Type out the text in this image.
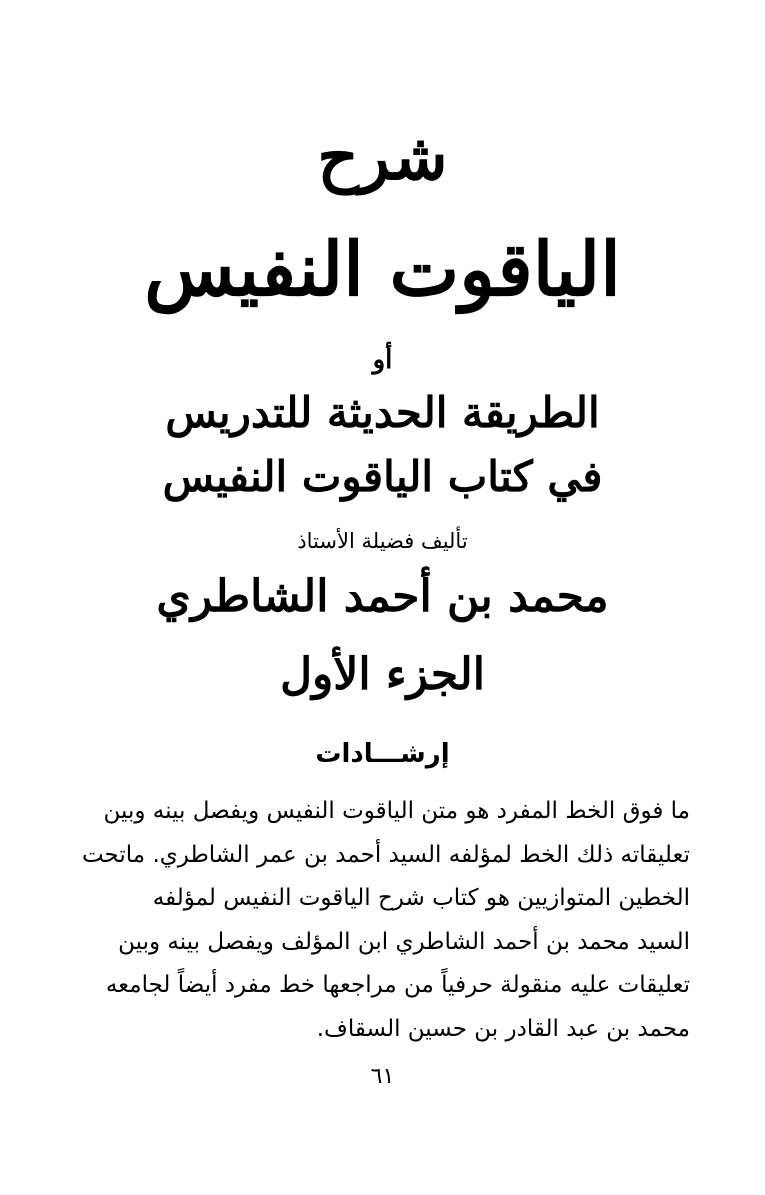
شرح
الياقوت النفيس
أو
الطريقة الحديثة للتدريس
في كتاب الياقوت النفيس
تأليف فضيلة الأستاذ
محمد بن أحمد الشاطري
الجزء الأول
إرشـــادات
ما فوق الخط المفرد هو متن الياقوت النفيس ويفصل بينه وبين
تعليقاته ذلك الخط لمؤلفه السيد أحمد بن عمر الشاطري. ماتحت
الخطين المتوازيين هو كتاب شرح الياقوت النفيس لمؤلفه
السيد محمد بن أحمد الشاطري ابن المؤلف ويفصل بينه وبين
تعليقات عليه منقولة حرفياً من مراجعها خط مفرد أيضاً لجامعه
محمد بن عبد القادر بن حسين السقاف.
٦١
